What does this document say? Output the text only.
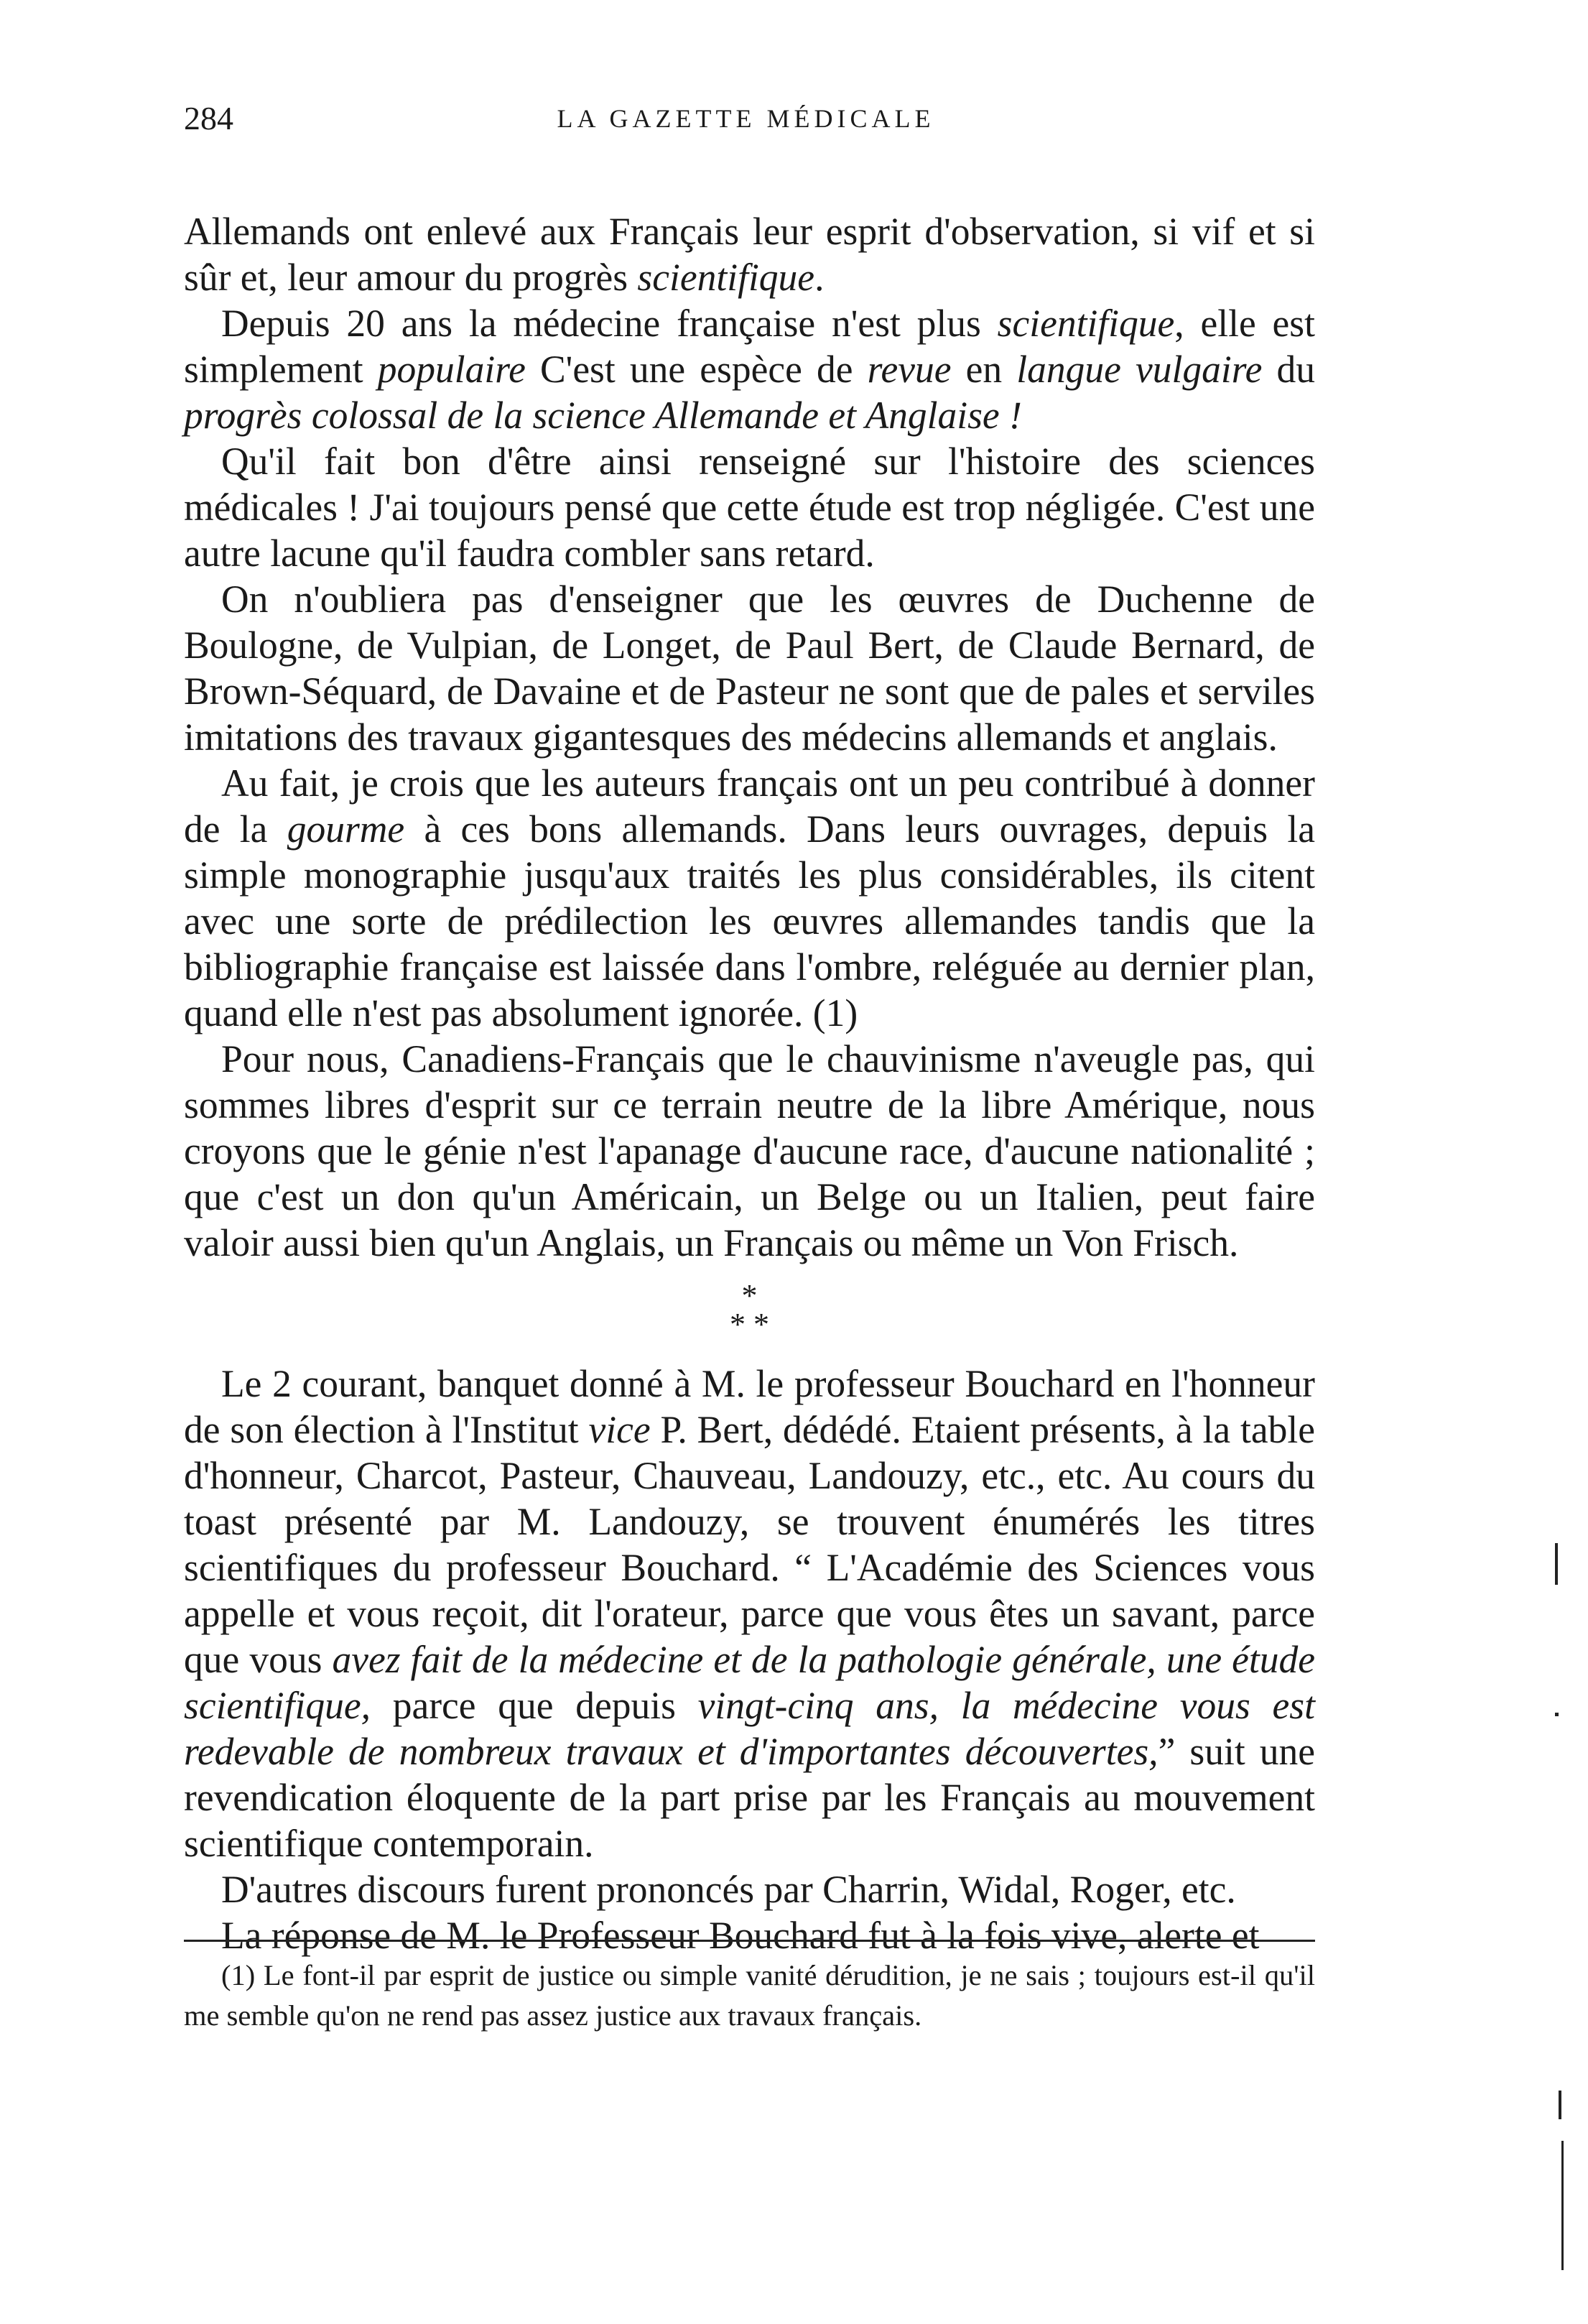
284	LA GAZETTE MÉDICALE

Allemands ont enlevé aux Français leur esprit d'observation, si vif et si sûr et, leur amour du progrès scientifique.

Depuis 20 ans la médecine française n'est plus scientifique, elle est simplement populaire C'est une espèce de revue en langue vulgaire du progrès colossal de la science Allemande et Anglaise !

Qu'il fait bon d'être ainsi renseigné sur l'histoire des sciences médicales ! J'ai toujours pensé que cette étude est trop négligée. C'est une autre lacune qu'il faudra combler sans retard.

On n'oubliera pas d'enseigner que les œuvres de Duchenne de Boulogne, de Vulpian, de Longet, de Paul Bert, de Claude Bernard, de Brown-Séquard, de Davaine et de Pasteur ne sont que de pales et serviles imitations des travaux gigantesques des médecins allemands et anglais.

Au fait, je crois que les auteurs français ont un peu contribué à donner de la gourme à ces bons allemands. Dans leurs ouvrages, depuis la simple monographie jusqu'aux traités les plus considérables, ils citent avec une sorte de prédilection les œuvres allemandes tandis que la bibliographie française est laissée dans l'ombre, reléguée au dernier plan, quand elle n'est pas absolument ignorée. (1)

Pour nous, Canadiens-Français que le chauvinisme n'aveugle pas, qui sommes libres d'esprit sur ce terrain neutre de la libre Amérique, nous croyons que le génie n'est l'apanage d'aucune race, d'aucune nationalité ; que c'est un don qu'un Américain, un Belge ou un Italien, peut faire valoir aussi bien qu'un Anglais, un Français ou même un Von Frisch.

*
* *

Le 2 courant, banquet donné à M. le professeur Bouchard en l'honneur de son élection à l'Institut vice P. Bert, dédédé. Etaient présents, à la table d'honneur, Charcot, Pasteur, Chauveau, Landouzy, etc., etc. Au cours du toast présenté par M. Landouzy, se trouvent énumérés les titres scientifiques du professeur Bouchard. “ L'Académie des Sciences vous appelle et vous reçoit, dit l'orateur, parce que vous êtes un savant, parce que vous avez fait de la médecine et de la pathologie générale, une étude scientifique, parce que depuis vingt-cinq ans, la médecine vous est redevable de nombreux travaux et d'importantes découvertes,” suit une revendication éloquente de la part prise par les Français au mouvement scientifique contemporain.

D'autres discours furent prononcés par Charrin, Widal, Roger, etc.

La réponse de M. le Professeur Bouchard fut à la fois vive, alerte et

(1) Le font-il par esprit de justice ou simple vanité dérudition, je ne sais ; toujours est-il qu'il me semble qu'on ne rend pas assez justice aux travaux français.
